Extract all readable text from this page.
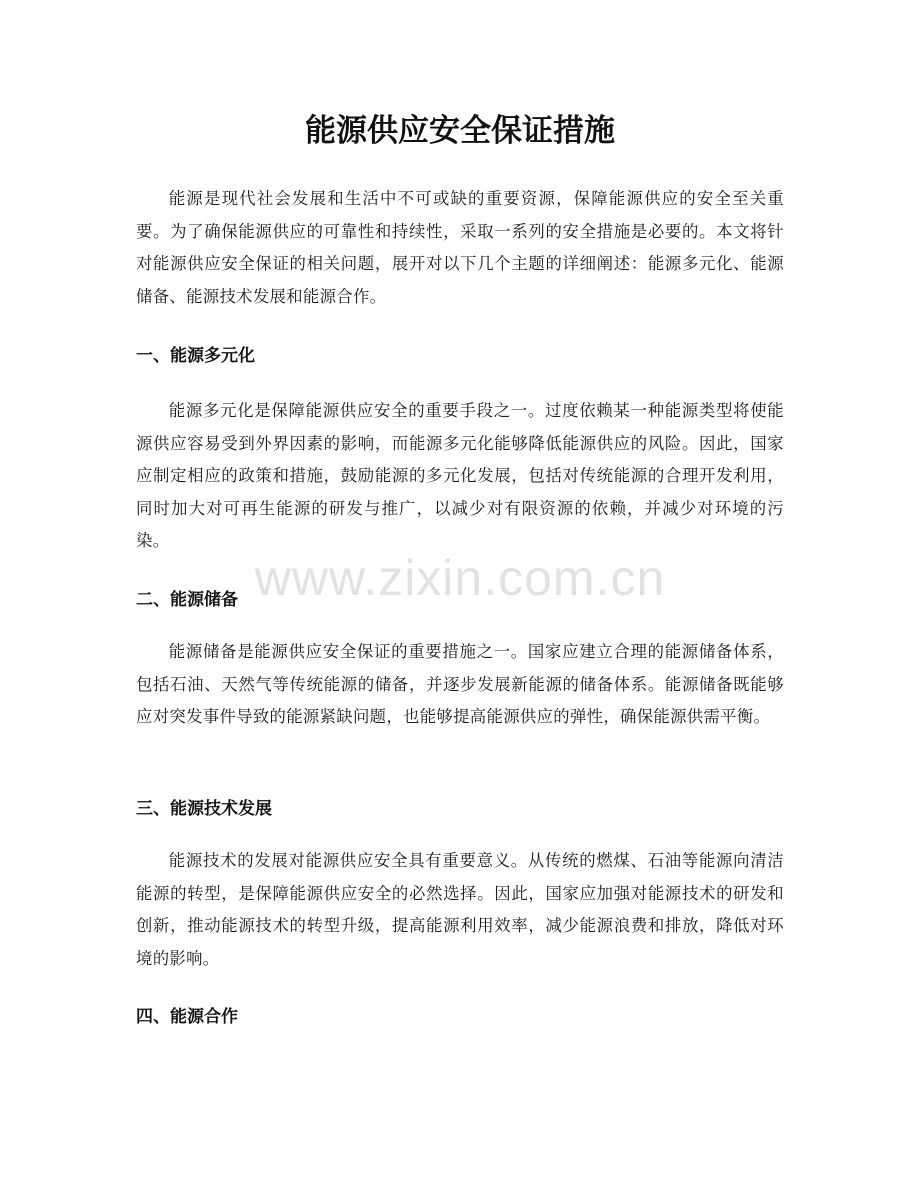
能源供应安全保证措施

能源是现代社会发展和生活中不可或缺的重要资源，保障能源供应的安全至关重要。为了确保能源供应的可靠性和持续性，采取一系列的安全措施是必要的。本文将针对能源供应安全保证的相关问题，展开对以下几个主题的详细阐述：能源多元化、能源储备、能源技术发展和能源合作。

一、能源多元化

能源多元化是保障能源供应安全的重要手段之一。过度依赖某一种能源类型将使能源供应容易受到外界因素的影响，而能源多元化能够降低能源供应的风险。因此，国家应制定相应的政策和措施，鼓励能源的多元化发展，包括对传统能源的合理开发利用，同时加大对可再生能源的研发与推广，以减少对有限资源的依赖，并减少对环境的污染。

二、能源储备

能源储备是能源供应安全保证的重要措施之一。国家应建立合理的能源储备体系，包括石油、天然气等传统能源的储备，并逐步发展新能源的储备体系。能源储备既能够应对突发事件导致的能源紧缺问题，也能够提高能源供应的弹性，确保能源供需平衡。

三、能源技术发展

能源技术的发展对能源供应安全具有重要意义。从传统的燃煤、石油等能源向清洁能源的转型，是保障能源供应安全的必然选择。因此，国家应加强对能源技术的研发和创新，推动能源技术的转型升级，提高能源利用效率，减少能源浪费和排放，降低对环境的影响。

四、能源合作
www.zixin.com.cn
